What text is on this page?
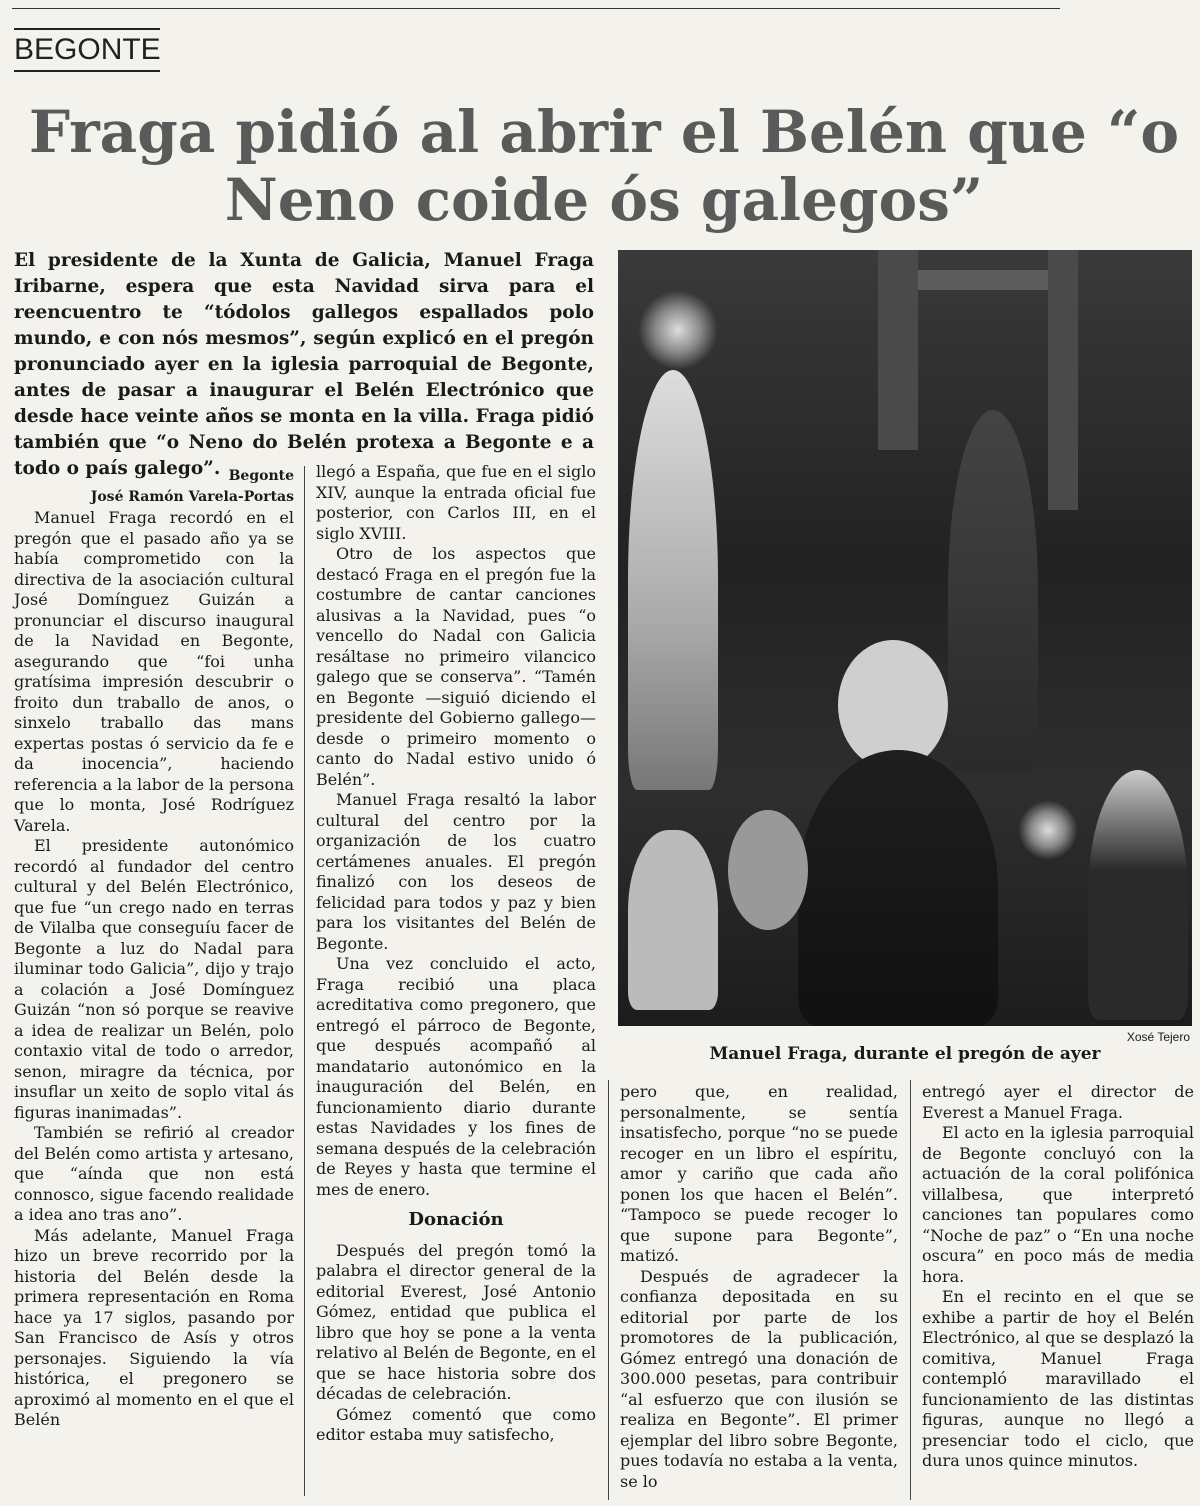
BEGONTE
Fraga pidió al abrir el Belén que “o Neno coide ós galegos”

El presidente de la Xunta de Galicia, Manuel Fraga Iribarne, espera que esta Navidad sirva para el reencuentro te “tódolos gallegos espallados polo mundo, e con nós mesmos”, según explicó en el pregón pronunciado ayer en la iglesia parroquial de Begonte, antes de pasar a inaugurar el Belén Electrónico que desde hace veinte años se monta en la villa. Fraga pidió también que “o Neno do Belén protexa a Begonte e a todo o país galego”.

Xosé Tejero
Manuel Fraga, durante el pregón de ayer

Begonte

José Ramón Varela-Portas

Manuel Fraga recordó en el pregón que el pasado año ya se había comprometido con la directiva de la asociación cultural José Domínguez Guizán a pronunciar el discurso inaugural de la Navidad en Begonte, asegurando que “foi unha gratísima impresión descubrir o froito dun traballo de anos, o sinxelo traballo das mans expertas postas ó servicio da fe e da inocencia”, haciendo referencia a la labor de la persona que lo monta, José Rodríguez Varela.

El presidente autonómico recordó al fundador del centro cultural y del Belén Electrónico, que fue “un crego nado en terras de Vilalba que conseguíu facer de Begonte a luz do Nadal para iluminar todo Galicia”, dijo y trajo a colación a José Domínguez Guizán “non só porque se reavive a idea de realizar un Belén, polo contaxio vital de todo o arredor, senon, miragre da técnica, por insuflar un xeito de soplo vital ás figuras inanimadas”.

También se refirió al creador del Belén como artista y artesano, que “aínda que non está connosco, sigue facendo realidade a idea ano tras ano”.

Más adelante, Manuel Fraga hizo un breve recorrido por la historia del Belén desde la primera representación en Roma hace ya 17 siglos, pasando por San Francisco de Asís y otros personajes. Siguiendo la vía histórica, el pregonero se aproximó al momento en el que el Belén

llegó a España, que fue en el siglo XIV, aunque la entrada oficial fue posterior, con Carlos III, en el siglo XVIII.

Otro de los aspectos que destacó Fraga en el pregón fue la costumbre de cantar canciones alusivas a la Navidad, pues “o vencello do Nadal con Galicia resáltase no primeiro vilancico galego que se conserva”. “Tamén en Begonte —siguió diciendo el presidente del Gobierno gallego— desde o primeiro momento o canto do Nadal estivo unido ó Belén”.

Manuel Fraga resaltó la labor cultural del centro por la organización de los cuatro certámenes anuales. El pregón finalizó con los deseos de felicidad para todos y paz y bien para los visitantes del Belén de Begonte.

Una vez concluido el acto, Fraga recibió una placa acreditativa como pregonero, que entregó el párroco de Begonte, que después acompañó al mandatario autonómico en la inauguración del Belén, en funcionamiento diario durante estas Navidades y los fines de semana después de la celebración de Reyes y hasta que termine el mes de enero.

Donación

Después del pregón tomó la palabra el director general de la editorial Everest, José Antonio Gómez, entidad que publica el libro que hoy se pone a la venta relativo al Belén de Begonte, en el que se hace historia sobre dos décadas de celebración.

Gómez comentó que como editor estaba muy satisfecho,

pero que, en realidad, personalmente, se sentía insatisfecho, porque “no se puede recoger en un libro el espíritu, amor y cariño que cada año ponen los que hacen el Belén”. “Tampoco se puede recoger lo que supone para Begonte”, matizó.

Después de agradecer la confianza depositada en su editorial por parte de los promotores de la publicación, Gómez entregó una donación de 300.000 pesetas, para contribuir “al esfuerzo que con ilusión se realiza en Begonte”. El primer ejemplar del libro sobre Begonte, pues todavía no estaba a la venta, se lo

entregó ayer el director de Everest a Manuel Fraga.

El acto en la iglesia parroquial de Begonte concluyó con la actuación de la coral polifónica villalbesa, que interpretó canciones tan populares como “Noche de paz” o “En una noche oscura” en poco más de media hora.

En el recinto en el que se exhibe a partir de hoy el Belén Electrónico, al que se desplazó la comitiva, Manuel Fraga contempló maravillado el funcionamiento de las distintas figuras, aunque no llegó a presenciar todo el ciclo, que dura unos quince minutos.
